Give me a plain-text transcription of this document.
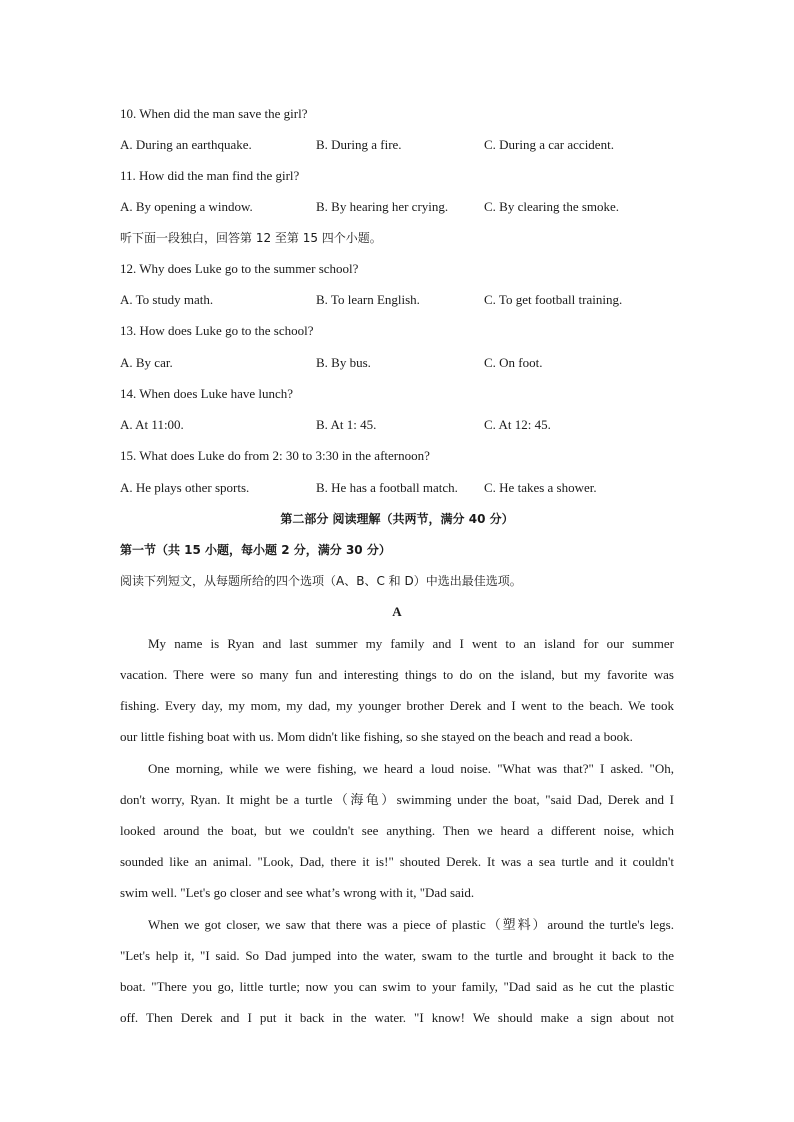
10. When did the man save the girl?
A. During an earthquake.	B. During a fire.	C. During a car accident.
11. How did the man find the girl?
A. By opening a window.	B. By hearing her crying.	C. By clearing the smoke.
听下面一段独白，回答第 12 至第 15 四个小题。
12. Why does Luke go to the summer school?
A. To study math.	B. To learn English.	C. To get football training.
13. How does Luke go to the school?
A. By car.	B. By bus.	C. On foot.
14. When does Luke have lunch?
A. At 11:00.	B. At 1: 45.	C. At 12: 45.
15. What does Luke do from 2: 30 to 3:30 in the afternoon?
A. He plays other sports.	B. He has a football match. C. He takes a shower.
第二部分 阅读理解（共两节，满分 40 分）
第一节（共 15 小题，每小题 2 分，满分 30 分）
阅读下列短文，从每题所给的四个选项（A、B、C 和 D）中选出最佳选项。
A
My name is Ryan and last summer my family and I went to an island for our summer
vacation. There were so many fun and interesting things to do on the island, but my favorite was
fishing. Every day, my mom, my dad, my younger brother Derek and I went to the beach. We took
our little fishing boat with us. Mom didn't like fishing, so she stayed on the beach and read a book.
One morning, while we were fishing, we heard a loud noise. "What was that?" I asked. "Oh,
don't worry, Ryan. It might be a turtle（海龟）swimming under the boat, "said Dad, Derek and I
looked around the boat, but we couldn't see anything. Then we heard a different noise, which
sounded like an animal. "Look, Dad, there it is!" shouted Derek. It was a sea turtle and it couldn't
swim well. "Let's go closer and see what’s wrong with it, "Dad said.
When we got closer, we saw that there was a piece of plastic（塑料）around the turtle's legs.
"Let's help it, "I said. So Dad jumped into the water, swam to the turtle and brought it back to the
boat. "There you go, little turtle; now you can swim to your family, "Dad said as he cut the plastic
off. Then Derek and I put it back in the water. "I know! We should make a sign about not
